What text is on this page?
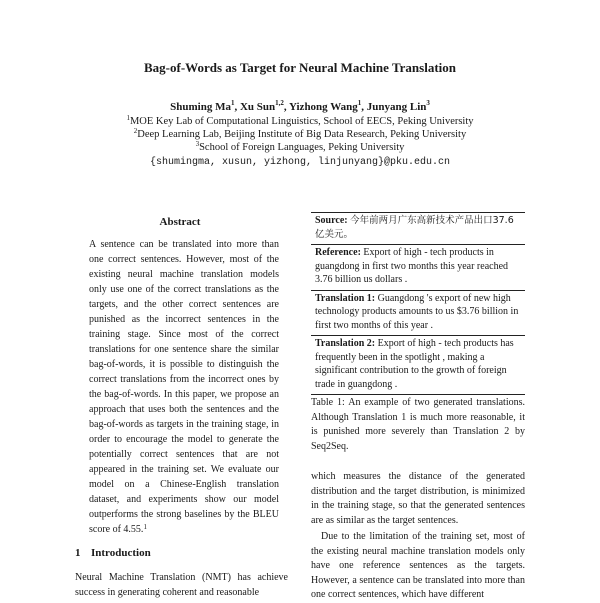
Bag-of-Words as Target for Neural Machine Translation
Shuming Ma$^1$, Xu Sun$^{1,2}$, Yizhong Wang$^1$, Junyang Lin$^3$
$^1$MOE Key Lab of Computational Linguistics, School of EECS, Peking University
$^2$Deep Learning Lab, Beijing Institute of Big Data Research, Peking University
$^3$School of Foreign Languages, Peking University
{shumingma, xusun, yizhong, linjunyang}@pku.edu.cn
Abstract
A sentence can be translated into more than one correct sentences. However, most of the existing neural machine translation models only use one of the correct translations as the targets, and the other correct sentences are punished as the incorrect sentences in the training stage. Since most of the correct translations for one sentence share the similar bag-of-words, it is possible to distinguish the correct translations from the incorrect ones by the bag-of-words. In this paper, we propose an approach that uses both the sentences and the bag-of-words as targets in the training stage, in order to encourage the model to generate the potentially correct sentences that are not appeared in the training set. We evaluate our model on a Chinese-English translation dataset, and experiments show our model outperforms the strong baselines by the BLEU score of 4.55.$^1$
1 Introduction
Neural Machine Translation (NMT) has achieve success in generating coherent and reasonable
Source: 今年前两月广东高新技术产品出口37.6亿美元。
Reference: Export of high - tech products in guangdong in first two months this year reached 3.76 billion us dollars .
Translation 1: Guangdong 's export of new high technology products amounts to us $3.76 billion in first two months of this year .
Translation 2: Export of high - tech products has frequently been in the spotlight , making a significant contribution to the growth of foreign trade in guangdong .
Table 1: An example of two generated translations. Although Translation 1 is much more reasonable, it is punished more severely than Translation 2 by Seq2Seq.

which measures the distance of the generated distribution and the target distribution, is minimized in the training stage, so that the generated sentences are as similar as the target sentences.

Due to the limitation of the training set, most of the existing neural machine translation models only have one reference sentences as the targets. However, a sentence can be translated into more than one correct sentences, which have different
